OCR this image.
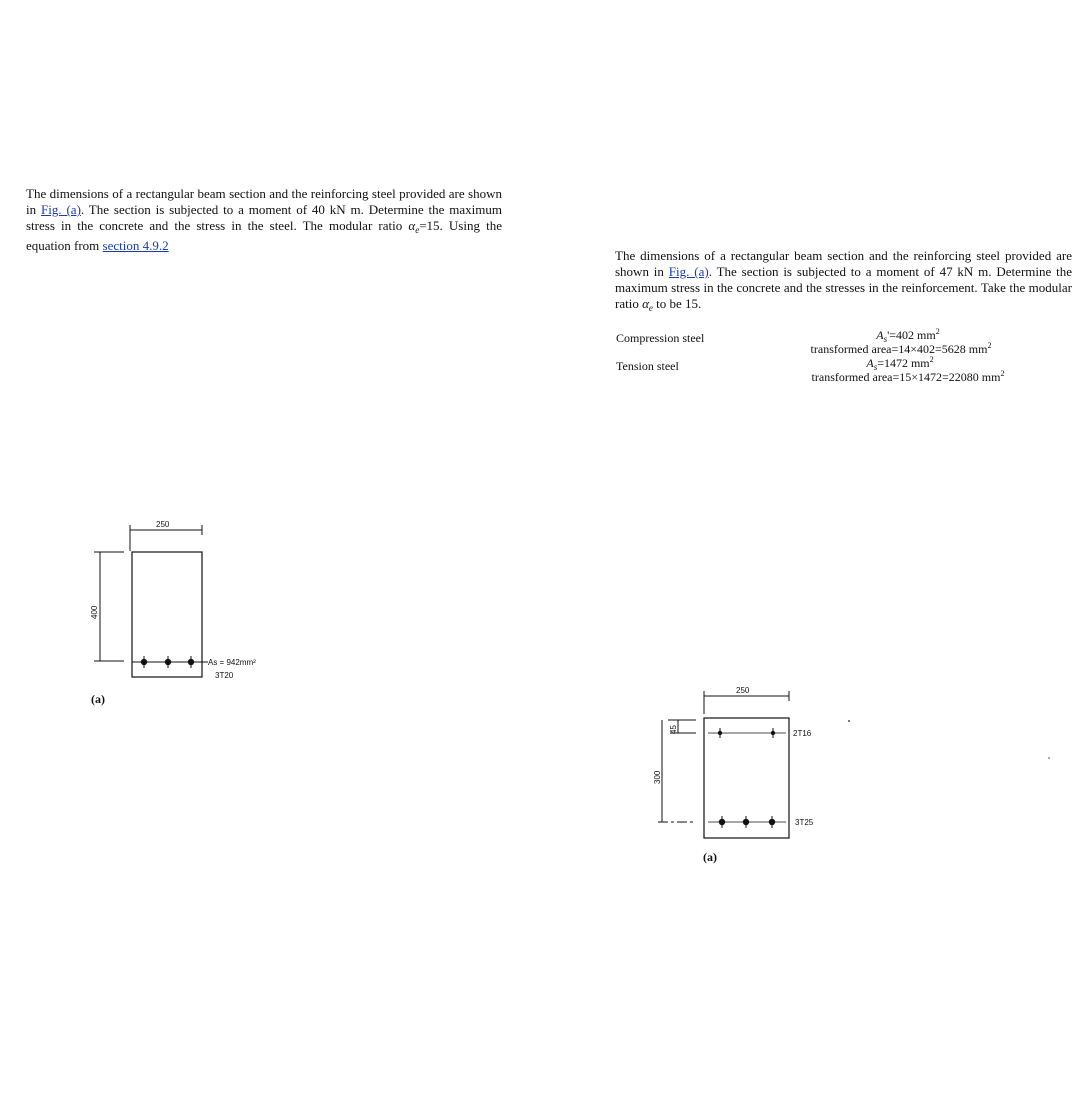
The dimensions of a rectangular beam section and the reinforcing steel provided are shown in Fig. (a). The section is subjected to a moment of 40 kN m. Determine the maximum stress in the concrete and the stress in the steel. The modular ratio $\alpha_e=15$. Using the equation from section 4.9.2
The dimensions of a rectangular beam section and the reinforcing steel provided are shown in Fig. (a). The section is subjected to a moment of 47 kN m. Determine the maximum stress in the concrete and the stresses in the reinforcement. Take the modular ratio $\alpha_e$ to be 15.
Compression steel
Tension steel
$A_s'=402$ $mm^2$
transformed area=14×402=5628 $mm^2$
$A_s=1472$ $mm^2$
transformed area=15×1472=22080 $mm^2$
250
400
As = 942mm²
3T20
(a)
250
45
300
2T16
3T25
(a)
